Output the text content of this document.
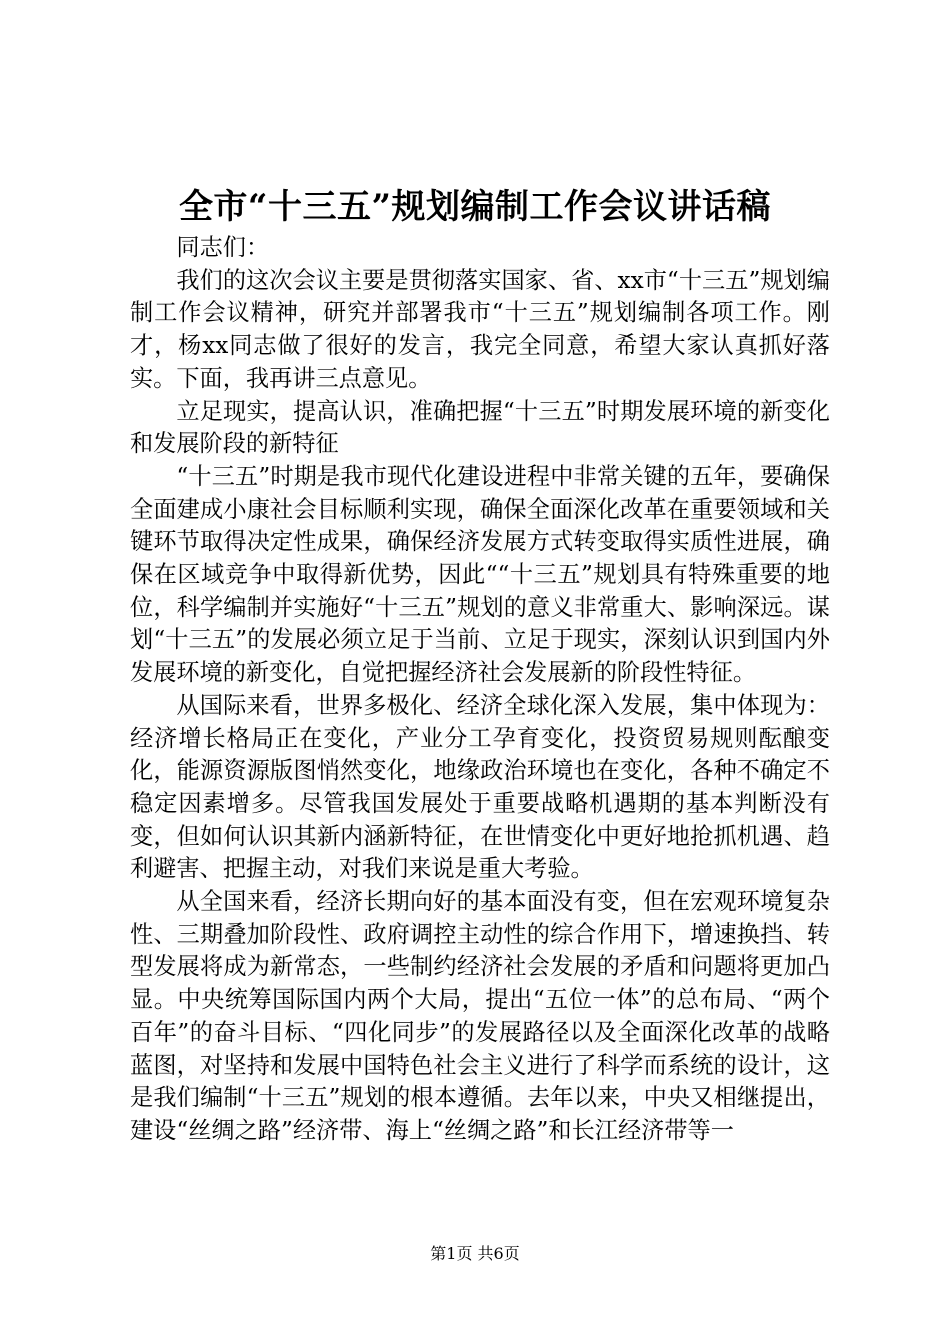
全市“十三五”规划编制工作会议讲话稿

同志们：

我们的这次会议主要是贯彻落实国家、省、xx市“十三五”规划编制工作会议精神，研究并部署我市“十三五”规划编制各项工作。刚才，杨xx同志做了很好的发言，我完全同意，希望大家认真抓好落实。下面，我再讲三点意见。

立足现实，提高认识，准确把握“十三五”时期发展环境的新变化和发展阶段的新特征

“十三五”时期是我市现代化建设进程中非常关键的五年，要确保全面建成小康社会目标顺利实现，确保全面深化改革在重要领域和关键环节取得决定性成果，确保经济发展方式转变取得实质性进展，确保在区域竞争中取得新优势，因此““十三五”规划具有特殊重要的地位，科学编制并实施好“十三五”规划的意义非常重大、影响深远。谋划“十三五”的发展必须立足于当前、立足于现实，深刻认识到国内外发展环境的新变化，自觉把握经济社会发展新的阶段性特征。

从国际来看，世界多极化、经济全球化深入发展，集中体现为：经济增长格局正在变化，产业分工孕育变化，投资贸易规则酝酿变化，能源资源版图悄然变化，地缘政治环境也在变化，各种不确定不稳定因素增多。尽管我国发展处于重要战略机遇期的基本判断没有变，但如何认识其新内涵新特征，在世情变化中更好地抢抓机遇、趋利避害、把握主动，对我们来说是重大考验。

从全国来看，经济长期向好的基本面没有变，但在宏观环境复杂性、三期叠加阶段性、政府调控主动性的综合作用下，增速换挡、转型发展将成为新常态，一些制约经济社会发展的矛盾和问题将更加凸显。中央统筹国际国内两个大局，提出“五位一体”的总布局、“两个百年”的奋斗目标、“四化同步”的发展路径以及全面深化改革的战略蓝图，对坚持和发展中国特色社会主义进行了科学而系统的设计，这是我们编制“十三五”规划的根本遵循。去年以来，中央又相继提出，建设“丝绸之路”经济带、海上“丝绸之路”和长江经济带等一

第1页 共6页
